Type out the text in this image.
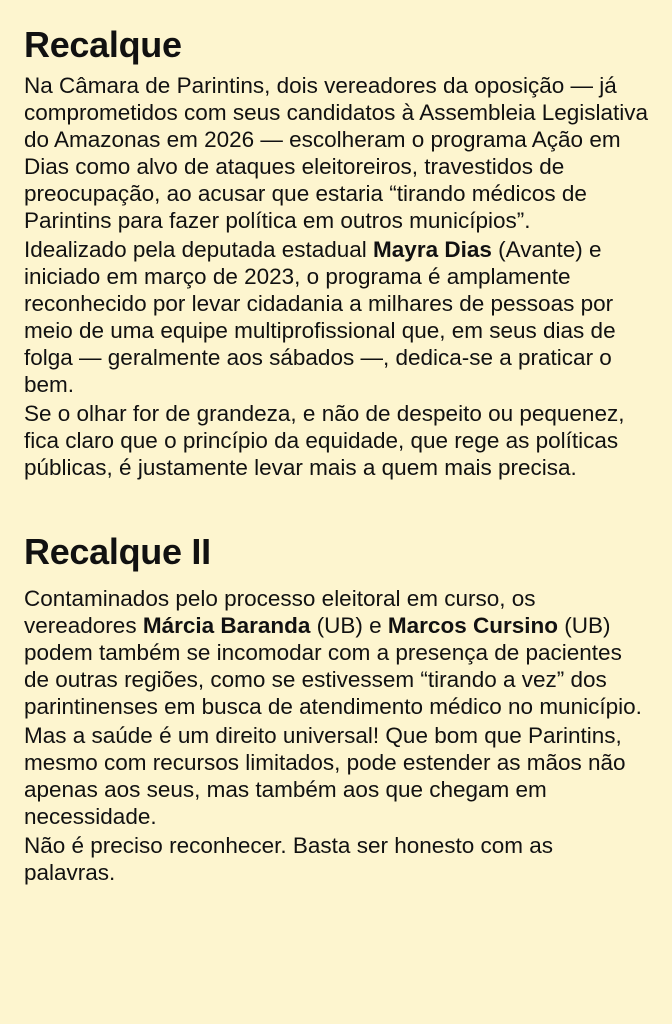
Recalque

Na Câmara de Parintins, dois vereadores da oposição — já comprometidos com seus candidatos à Assembleia Legislativa do Amazonas em 2026 — escolheram o programa Ação em Dias como alvo de ataques eleitoreiros, travestidos de preocupação, ao acusar que estaria “tirando médicos de Parintins para fazer política em outros municípios”.

Idealizado pela deputada estadual Mayra Dias (Avante) e iniciado em março de 2023, o programa é amplamente reconhecido por levar cidadania a milhares de pessoas por meio de uma equipe multiprofissional que, em seus dias de folga — geralmente aos sábados —, dedica-se a praticar o bem.

Se o olhar for de grandeza, e não de despeito ou pequenez, fica claro que o princípio da equidade, que rege as políticas públicas, é justamente levar mais a quem mais precisa.

Recalque II

Contaminados pelo processo eleitoral em curso, os vereadores Márcia Baranda (UB) e Marcos Cursino (UB) podem também se incomodar com a presença de pacientes de outras regiões, como se estivessem “tirando a vez” dos parintinenses em busca de atendimento médico no município.

Mas a saúde é um direito universal! Que bom que Parintins, mesmo com recursos limitados, pode estender as mãos não apenas aos seus, mas também aos que chegam em necessidade.

Não é preciso reconhecer. Basta ser honesto com as palavras.
